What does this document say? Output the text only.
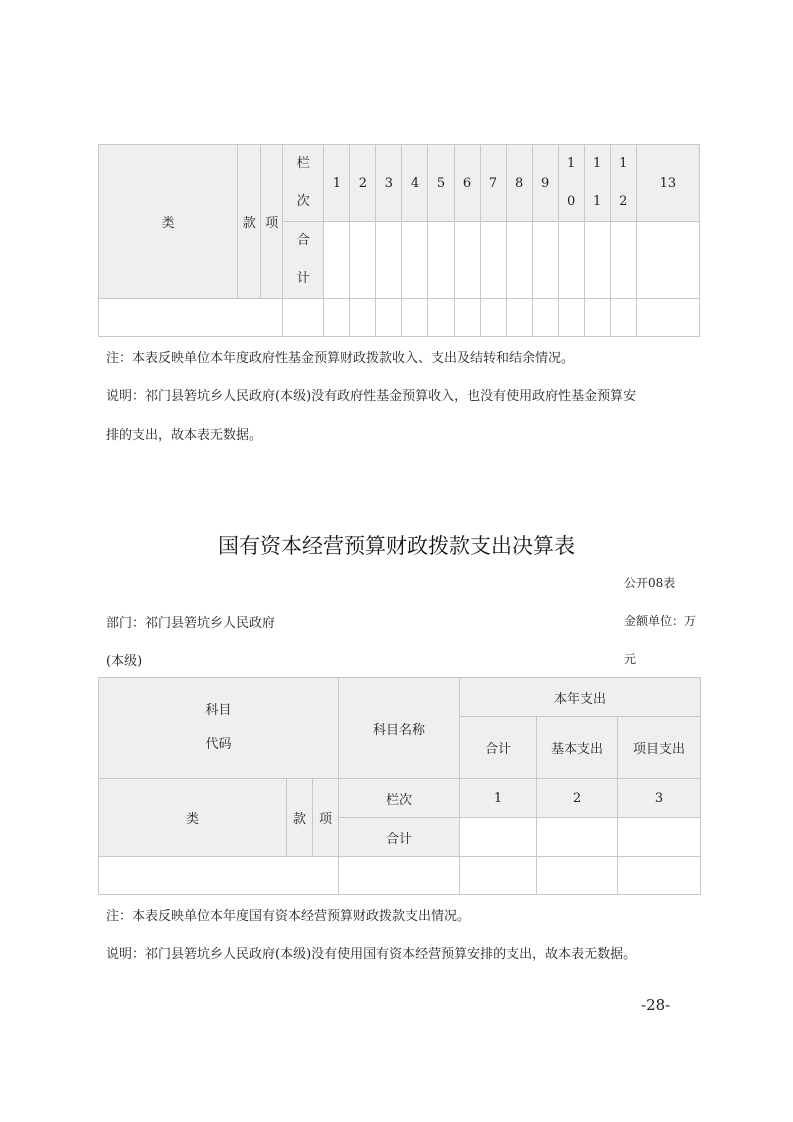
类	款	项	栏次	1	2	3	4	5	6	7	8	9	10	11	12	13
			合计													

注：本表反映单位本年度政府性基金预算财政拨款收入、支出及结转和结余情况。
说明：祁门县箬坑乡人民政府(本级)没有政府性基金预算收入，也没有使用政府性基金预算安
排的支出，故本表无数据。
国有资本经营预算财政拨款支出决算表
公开08表
部门：祁门县箬坑乡人民政府
(本级)
金额单位：万
元
科目
代码			科目名称	本年支出		
				合计	基本支出	项目支出
类	款	项	栏次	1	2	3
			合计			

注：本表反映单位本年度国有资本经营预算财政拨款支出情况。
说明：祁门县箬坑乡人民政府(本级)没有使用国有资本经营预算安排的支出，故本表无数据。
-28-
